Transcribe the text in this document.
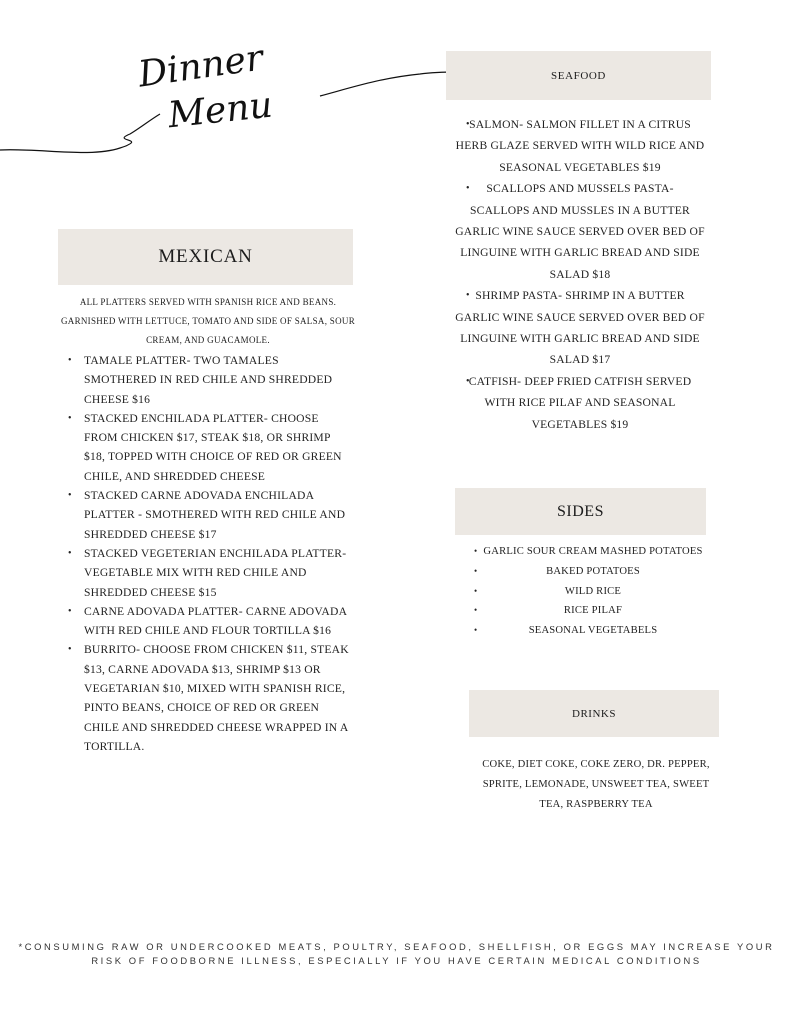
Dinner
Menu
MEXICAN
ALL PLATTERS SERVED WITH SPANISH RICE AND BEANS. GARNISHED WITH LETTUCE, TOMATO AND SIDE OF SALSA, SOUR CREAM, AND GUACAMOLE.
• TAMALE PLATTER- TWO TAMALES SMOTHERED IN RED CHILE AND SHREDDED CHEESE $16
• STACKED ENCHILADA PLATTER- CHOOSE FROM CHICKEN $17, STEAK $18, OR SHRIMP $18, TOPPED WITH CHOICE OF RED OR GREEN CHILE, AND SHREDDED CHEESE
• STACKED CARNE ADOVADA ENCHILADA PLATTER - SMOTHERED WITH RED CHILE AND SHREDDED CHEESE $17
• STACKED VEGETERIAN ENCHILADA PLATTER- VEGETABLE MIX WITH RED CHILE AND SHREDDED CHEESE $15
• CARNE ADOVADA PLATTER- CARNE ADOVADA WITH RED CHILE AND FLOUR TORTILLA $16
• BURRITO- CHOOSE FROM CHICKEN $11, STEAK $13, CARNE ADOVADA $13, SHRIMP $13 OR VEGETARIAN $10, MIXED WITH SPANISH RICE, PINTO BEANS, CHOICE OF RED OR GREEN CHILE AND SHREDDED CHEESE WRAPPED IN A TORTILLA.
SEAFOOD
• SALMON- SALMON FILLET IN A CITRUS HERB GLAZE SERVED WITH WILD RICE AND SEASONAL VEGETABLES $19
• SCALLOPS AND MUSSELS PASTA- SCALLOPS AND MUSSLES IN A BUTTER GARLIC WINE SAUCE SERVED OVER BED OF LINGUINE WITH GARLIC BREAD AND SIDE SALAD $18
• SHRIMP PASTA- SHRIMP IN A BUTTER GARLIC WINE SAUCE SERVED OVER BED OF LINGUINE WITH GARLIC BREAD AND SIDE SALAD $17
• CATFISH- DEEP FRIED CATFISH SERVED WITH RICE PILAF AND SEASONAL VEGETABLES $19
SIDES
• GARLIC SOUR CREAM MASHED POTATOES
•	BAKED POTATOES
•	WILD RICE
•	RICE PILAF
•	SEASONAL VEGETABELS
DRINKS
COKE, DIET COKE, COKE ZERO, DR. PEPPER, SPRITE, LEMONADE, UNSWEET TEA, SWEET TEA, RASPBERRY TEA
*CONSUMING RAW OR UNDERCOOKED MEATS, POULTRY, SEAFOOD, SHELLFISH, OR EGGS MAY INCREASE YOUR RISK OF FOODBORNE ILLNESS, ESPECIALLY IF YOU HAVE CERTAIN MEDICAL CONDITIONS
